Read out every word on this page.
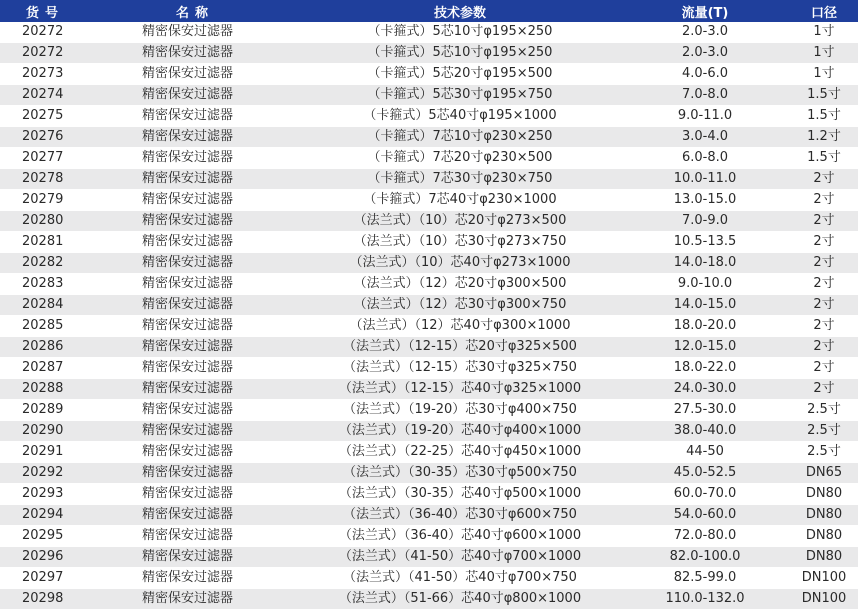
货号	名称	技术参数	流量(T)	口径
20272	精密保安过滤器	（卡箍式）5芯10寸φ195×250	2.0-3.0	1寸
20272	精密保安过滤器	（卡箍式）5芯10寸φ195×250	2.0-3.0	1寸
20273	精密保安过滤器	（卡箍式）5芯20寸φ195×500	4.0-6.0	1寸
20274	精密保安过滤器	（卡箍式）5芯30寸φ195×750	7.0-8.0	1.5寸
20275	精密保安过滤器	（卡箍式）5芯40寸φ195×1000	9.0-11.0	1.5寸
20276	精密保安过滤器	（卡箍式）7芯10寸φ230×250	3.0-4.0	1.2寸
20277	精密保安过滤器	（卡箍式）7芯20寸φ230×500	6.0-8.0	1.5寸
20278	精密保安过滤器	（卡箍式）7芯30寸φ230×750	10.0-11.0	2寸
20279	精密保安过滤器	（卡箍式）7芯40寸φ230×1000	13.0-15.0	2寸
20280	精密保安过滤器	（法兰式）（10）芯20寸φ273×500	7.0-9.0	2寸
20281	精密保安过滤器	（法兰式）（10）芯30寸φ273×750	10.5-13.5	2寸
20282	精密保安过滤器	（法兰式）（10）芯40寸φ273×1000	14.0-18.0	2寸
20283	精密保安过滤器	（法兰式）（12）芯20寸φ300×500	9.0-10.0	2寸
20284	精密保安过滤器	（法兰式）（12）芯30寸φ300×750	14.0-15.0	2寸
20285	精密保安过滤器	（法兰式）（12）芯40寸φ300×1000	18.0-20.0	2寸
20286	精密保安过滤器	（法兰式）（12-15）芯20寸φ325×500	12.0-15.0	2寸
20287	精密保安过滤器	（法兰式）（12-15）芯30寸φ325×750	18.0-22.0	2寸
20288	精密保安过滤器	（法兰式）（12-15）芯40寸φ325×1000	24.0-30.0	2寸
20289	精密保安过滤器	（法兰式）（19-20）芯30寸φ400×750	27.5-30.0	2.5寸
20290	精密保安过滤器	（法兰式）（19-20）芯40寸φ400×1000	38.0-40.0	2.5寸
20291	精密保安过滤器	（法兰式）（22-25）芯40寸φ450×1000	44-50	2.5寸
20292	精密保安过滤器	（法兰式）（30-35）芯30寸φ500×750	45.0-52.5	DN65
20293	精密保安过滤器	（法兰式）（30-35）芯40寸φ500×1000	60.0-70.0	DN80
20294	精密保安过滤器	（法兰式）（36-40）芯30寸φ600×750	54.0-60.0	DN80
20295	精密保安过滤器	（法兰式）（36-40）芯40寸φ600×1000	72.0-80.0	DN80
20296	精密保安过滤器	（法兰式）（41-50）芯40寸φ700×1000	82.0-100.0	DN80
20297	精密保安过滤器	（法兰式）（41-50）芯40寸φ700×750	82.5-99.0	DN100
20298	精密保安过滤器	（法兰式）（51-66）芯40寸φ800×1000	110.0-132.0	DN100
